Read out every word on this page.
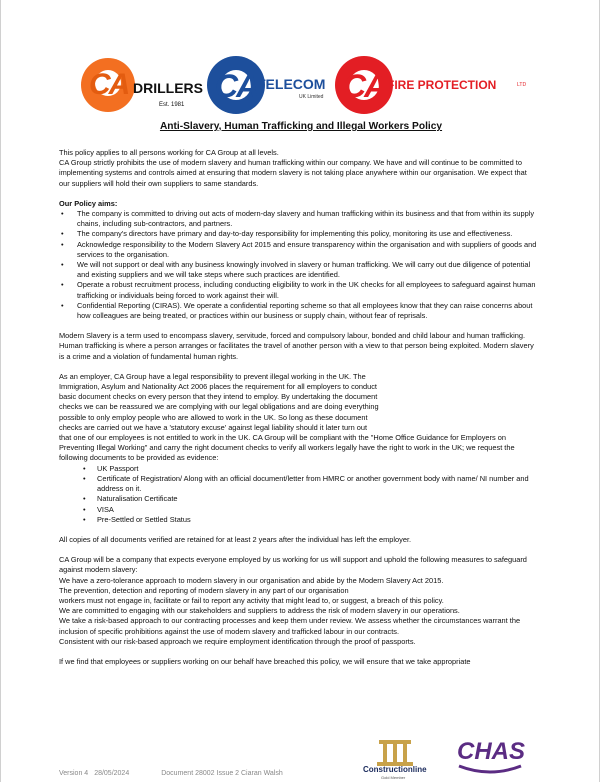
CA DRILLERS
Est. 1981
CA TELECOM
UK Limited CA FIRE PROTECTION	LTD
Anti-Slavery, Human Trafficking and Illegal Workers Policy

This policy applies to all persons working for CA Group at all levels.

CA Group strictly prohibits the use of modern slavery and human trafficking within our company. We have and will continue to be committed to implementing systems and controls aimed at ensuring that modern slavery is not taking place anywhere within our organisation. We expect that our suppliers will hold their own suppliers to same standards.

Our Policy aims:

• The company is committed to driving out acts of modern-day slavery and human trafficking within its business and that from within its supply chains, including sub-contractors, and partners.
• The company's directors have primary and day-to-day responsibility for implementing this policy, monitoring its use and effectiveness.
• Acknowledge responsibility to the Modern Slavery Act 2015 and ensure transparency within the organisation and with suppliers of goods and services to the organisation.
• We will not support or deal with any business knowingly involved in slavery or human trafficking. We will carry out due diligence of potential and existing suppliers and we will take steps where such practices are identified.
• Operate a robust recruitment process, including conducting eligibility to work in the UK checks for all employees to safeguard against human trafficking or individuals being forced to work against their will.
• Confidential Reporting (CIRAS). We operate a confidential reporting scheme so that all employees know that they can raise concerns about how colleagues are being treated, or practices within our business or supply chain, without fear of reprisals.

Modern Slavery is a term used to encompass slavery, servitude, forced and compulsory labour, bonded and child labour and human trafficking. Human trafficking is where a person arranges or facilitates the travel of another person with a view to that person being exploited. Modern slavery is a crime and a violation of fundamental human rights.

As an employer, CA Group have a legal responsibility to prevent illegal working in the UK. The

Immigration, Asylum and Nationality Act 2006 places the requirement for all employers to conduct

basic document checks on every person that they intend to employ. By undertaking the document

checks we can be reassured we are complying with our legal obligations and are doing everything

possible to only employ people who are allowed to work in the UK. So long as these document

checks are carried out we have a 'statutory excuse' against legal liability should it later turn out

that one of our employees is not entitled to work in the UK. CA Group will be compliant with the "Home Office Guidance for Employers on Preventing Illegal Working" and carry the right document checks to verify all workers legally have the right to work in the UK; we request the following documents to be provided as evidence:

• UK Passport
• Certificate of Registration/ Along with an official document/letter from HMRC or another government body with name/ NI number and address on it.
• Naturalisation Certificate
• VISA
• Pre-Settled or Settled Status

All copies of all documents verified are retained for at least 2 years after the individual has left the employer.

CA Group will be a company that expects everyone employed by us working for us will support and uphold the following measures to safeguard against modern slavery:

We have a zero-tolerance approach to modern slavery in our organisation and abide by the Modern Slavery Act 2015.

The prevention, detection and reporting of modern slavery in any part of our organisation

workers must not engage in, facilitate or fail to report any activity that might lead to, or suggest, a breach of this policy.

We are committed to engaging with our stakeholders and suppliers to address the risk of modern slavery in our operations.

We take a risk-based approach to our contracting processes and keep them under review. We assess whether the circumstances warrant the inclusion of specific prohibitions against the use of modern slavery and trafficked labour in our contracts.

Consistent with our risk-based approach we require employment identification through the proof of passports.

If we find that employees or suppliers working on our behalf have breached this policy, we will ensure that we take appropriate

Constructionline
Gold Member
CHAS
Version 4 28/05/2024	Document 28002 Issue 2 Ciaran Walsh
